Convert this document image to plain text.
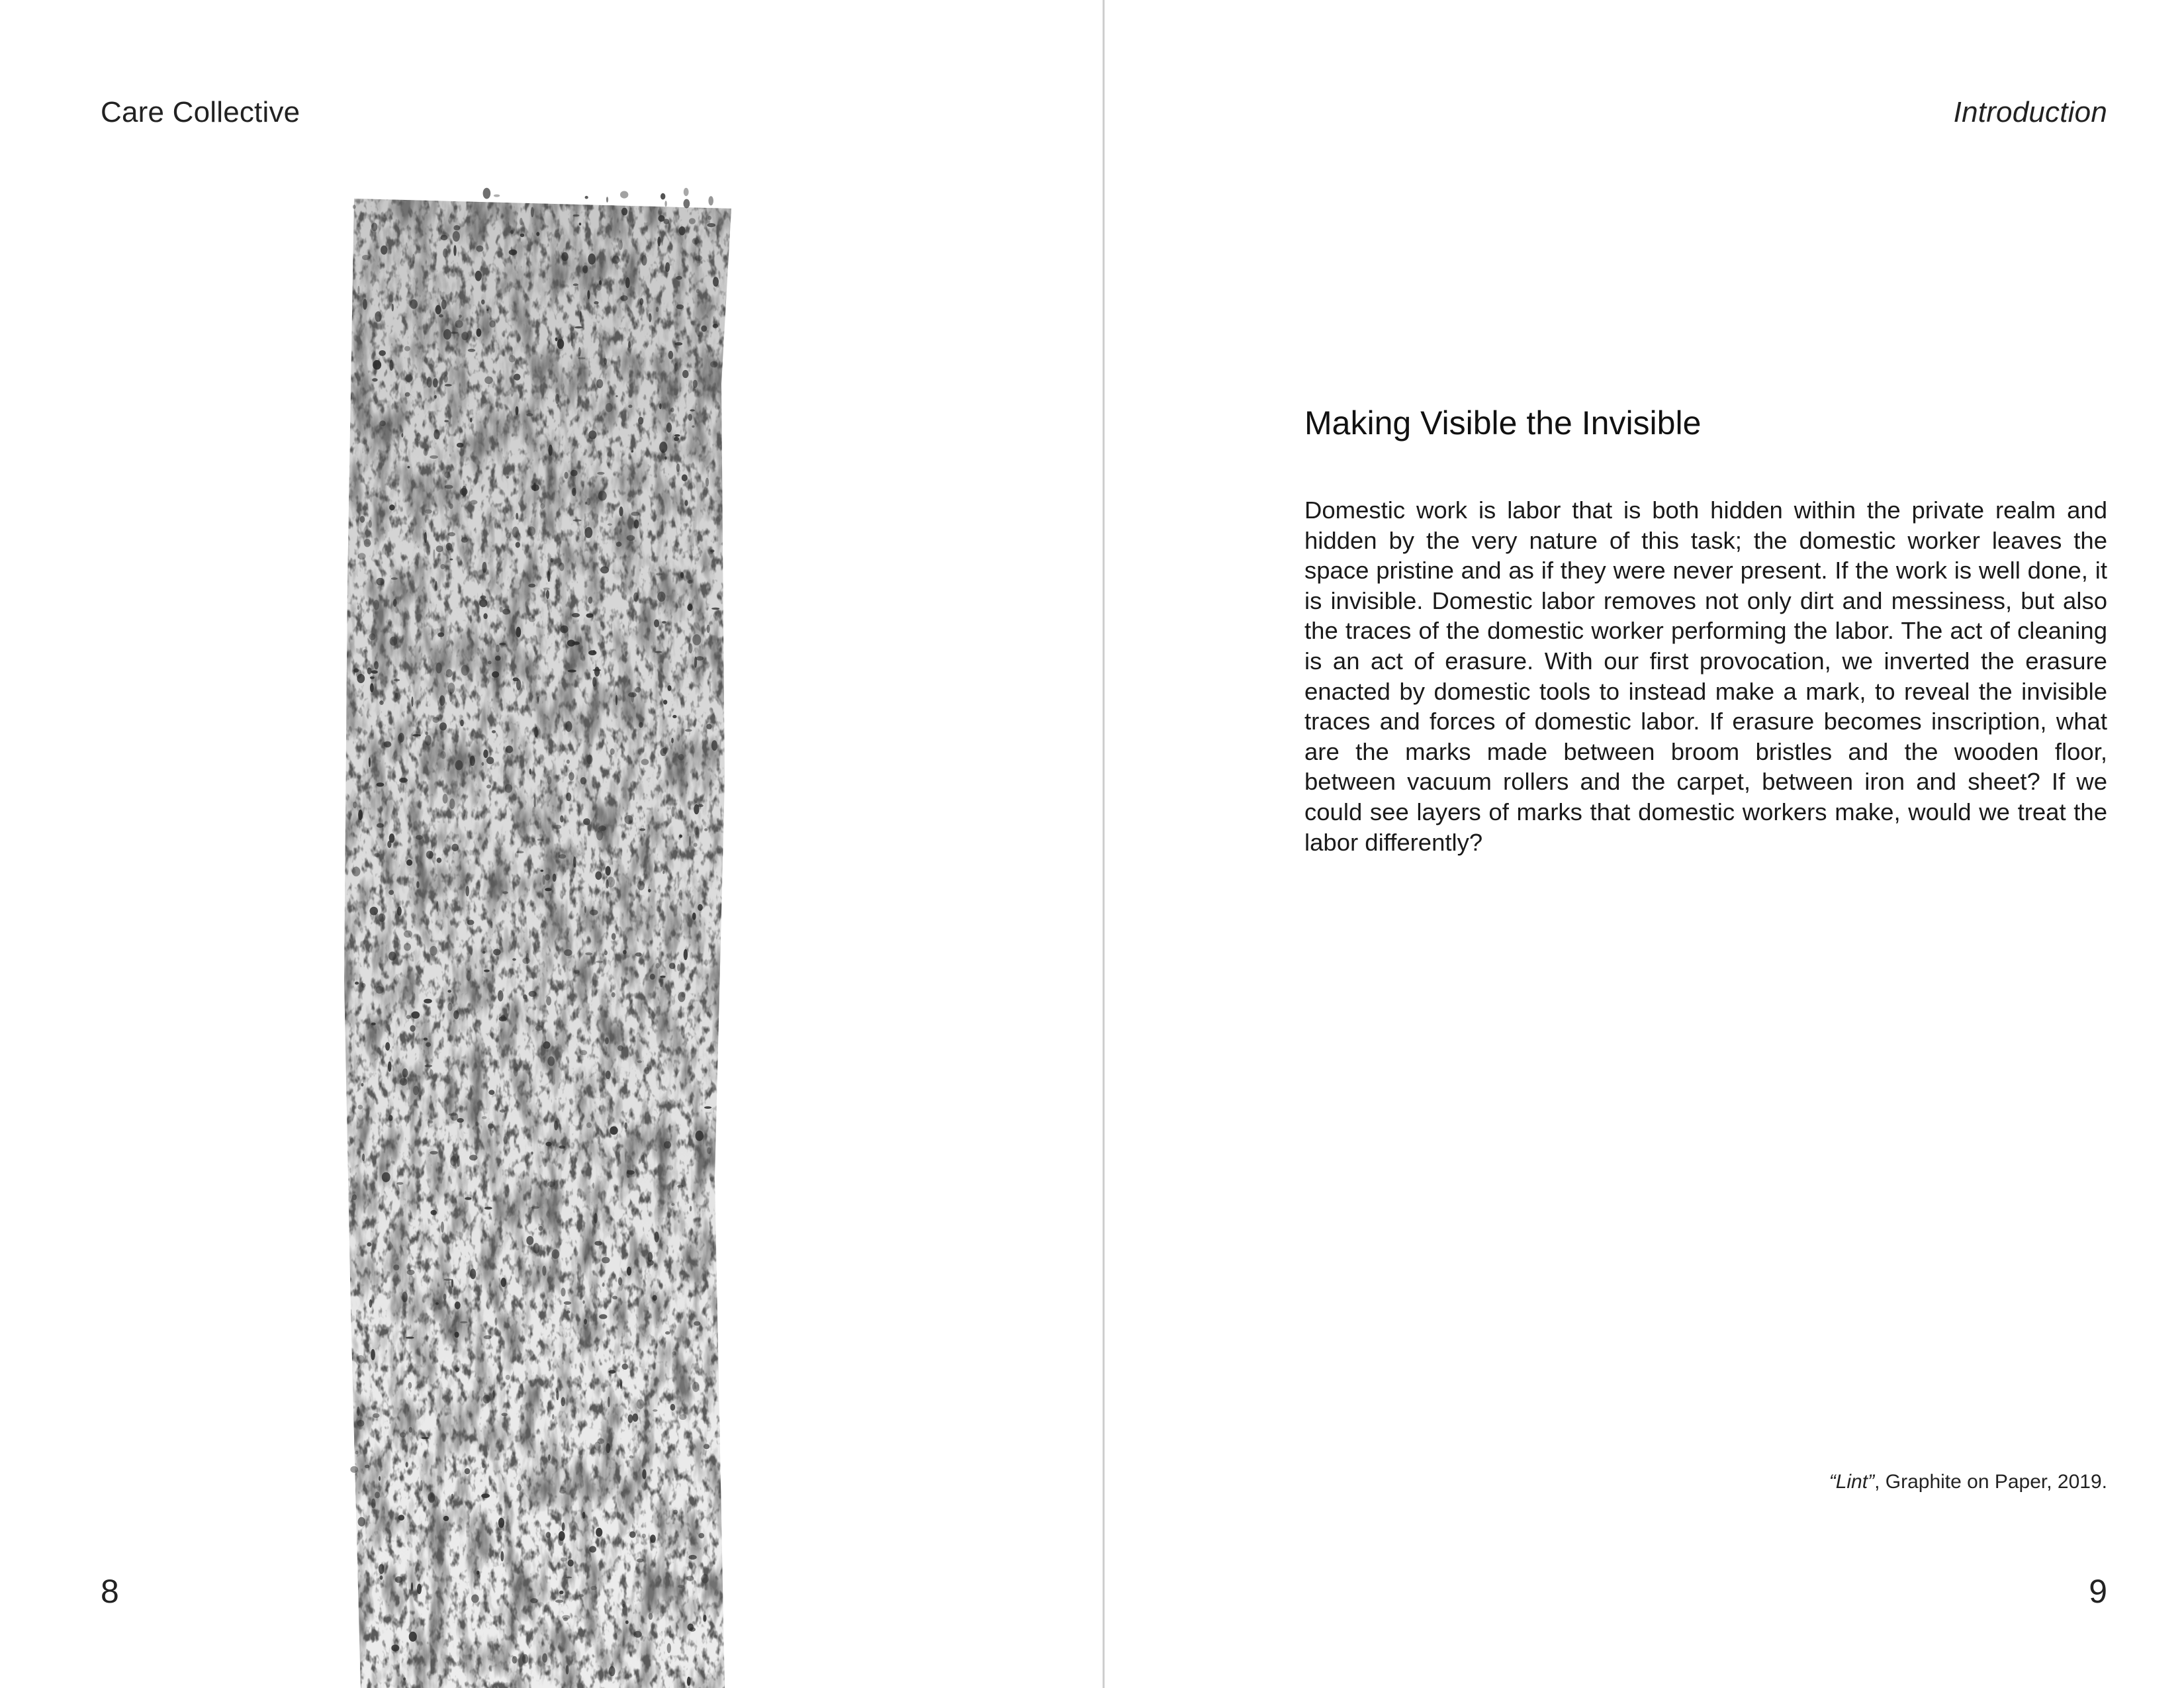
Care Collective
8
Introduction
Making Visible the Invisible

Domestic work is labor that is both hidden within the private realm and hidden by the very nature of this task; the domestic worker leaves the space pristine and as if they were never present. If the work is well done, it is invisible. Domestic labor removes not only dirt and messiness, but also the traces of the domestic worker performing the labor. The act of cleaning is an act of erasure. With our first provocation, we inverted the erasure enacted by domestic tools to instead make a mark, to reveal the invisible traces and forces of domestic labor. If erasure becomes inscription, what are the marks made between broom bristles and the wooden floor, between vacuum rollers and the carpet, between iron and sheet? If we could see layers of marks that domestic workers make, would we treat the labor differently?

“Lint”, Graphite on Paper, 2019.
9
